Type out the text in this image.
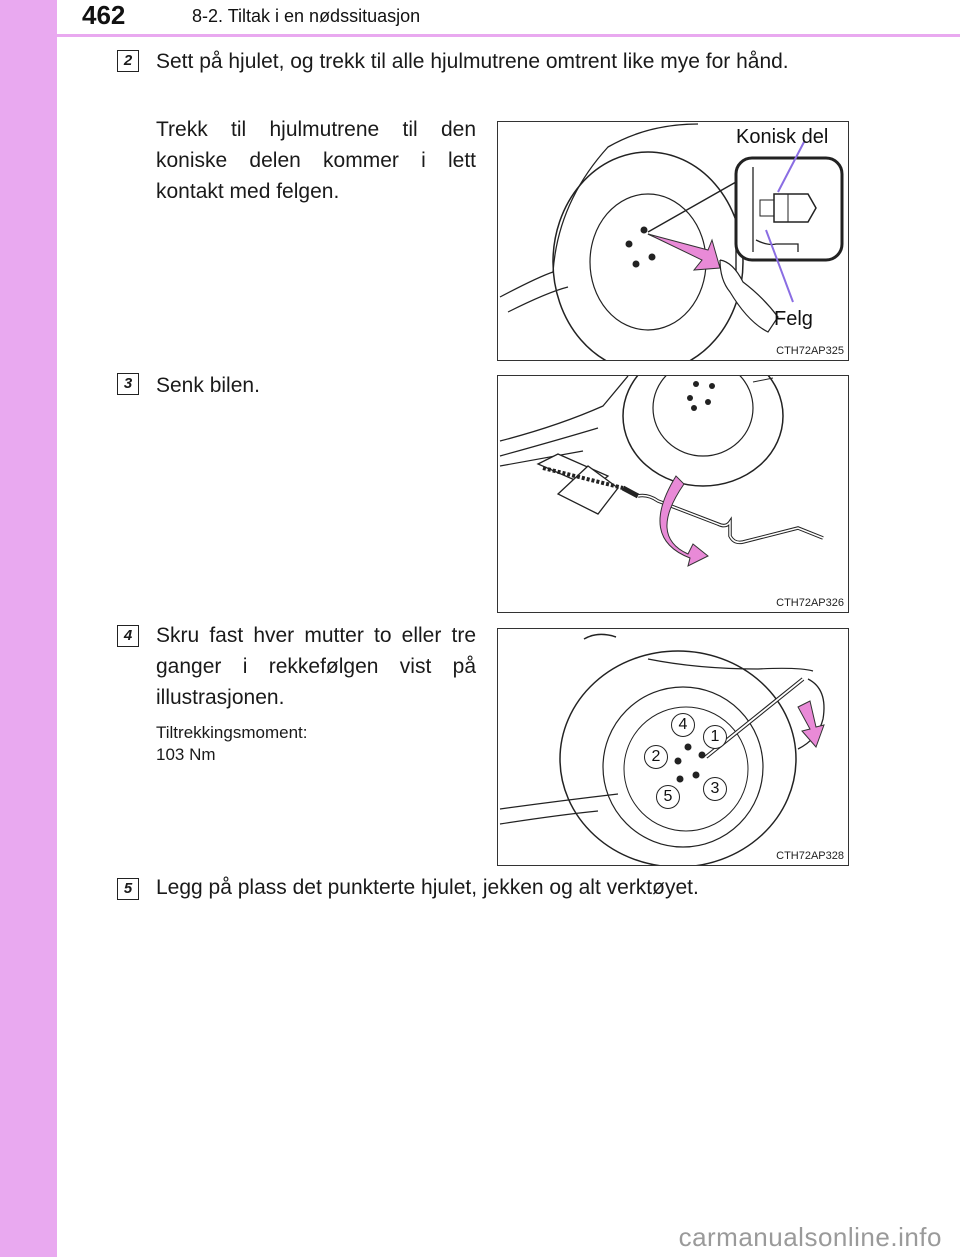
462	8-2. Tiltak i en nødssituasjon
2	Sett på hjulet, og trekk til alle hjulmutrene omtrent like mye for hånd.
Trekk til hjulmutrene til den koniske delen kommer i lett kontakt med felgen.
Konisk del
Felg
CTH72AP325
3	Senk bilen.
CTH72AP326
4	Skru fast hver mutter to eller tre ganger i rekkefølgen vist på illustrasjonen.
Tiltrekkingsmoment:
103 Nm
CTH72AP328
1
2
3
4
5
5	Legg på plass det punkterte hjulet, jekken og alt verktøyet.
carmanualsonline.info
